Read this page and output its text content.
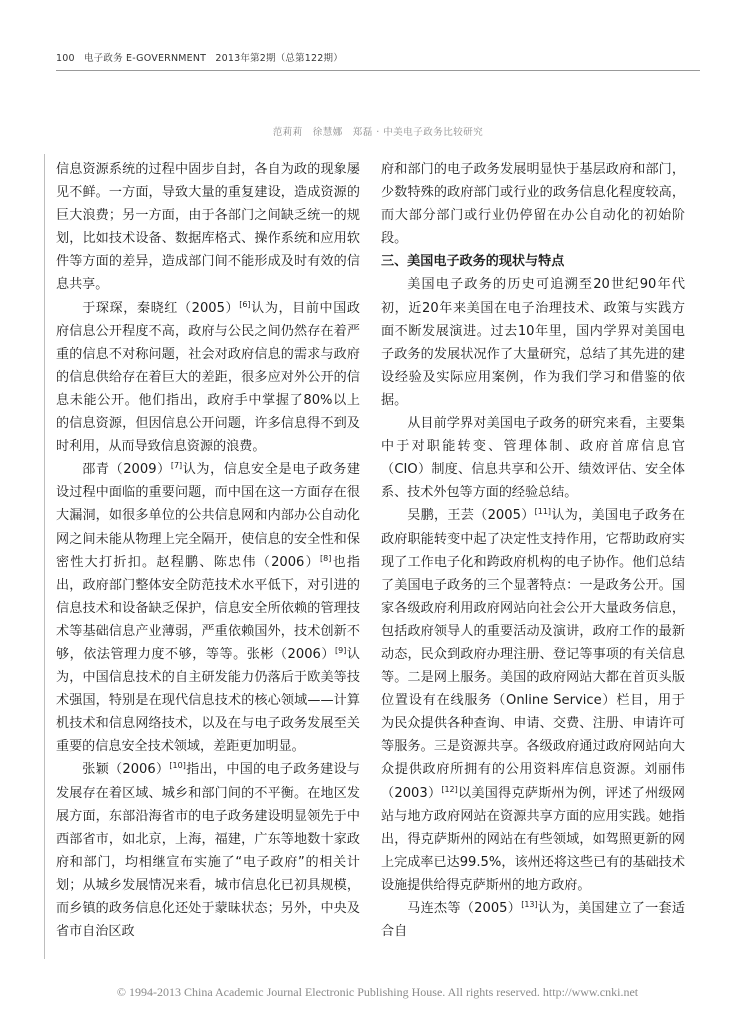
100 电子政务 E-GOVERNMENT 2013年第2期（总第122期）
范莉莉　徐慧娜　郑磊 · 中美电子政务比较研究

信息资源系统的过程中固步自封，各自为政的现象屡见不鲜。一方面，导致大量的重复建设，造成资源的巨大浪费；另一方面，由于各部门之间缺乏统一的规划，比如技术设备、数据库格式、操作系统和应用软件等方面的差异，造成部门间不能形成及时有效的信息共享。

于琛琛，秦晓红（2005）[6]认为，目前中国政府信息公开程度不高，政府与公民之间仍然存在着严重的信息不对称问题，社会对政府信息的需求与政府的信息供给存在着巨大的差距，很多应对外公开的信息未能公开。他们指出，政府手中掌握了80%以上的信息资源，但因信息公开问题，许多信息得不到及时利用，从而导致信息资源的浪费。

邵青（2009）[7]认为，信息安全是电子政务建设过程中面临的重要问题，而中国在这一方面存在很大漏洞，如很多单位的公共信息网和内部办公自动化网之间未能从物理上完全隔开，使信息的安全性和保密性大打折扣。赵程鹏、陈忠伟（2006）[8]也指出，政府部门整体安全防范技术水平低下，对引进的信息技术和设备缺乏保护，信息安全所依赖的管理技术等基础信息产业薄弱，严重依赖国外，技术创新不够，依法管理力度不够，等等。张彬（2006）[9]认为，中国信息技术的自主研发能力仍落后于欧美等技术强国，特别是在现代信息技术的核心领域——计算机技术和信息网络技术，以及在与电子政务发展至关重要的信息安全技术领域，差距更加明显。

张颖（2006）[10]指出，中国的电子政务建设与发展存在着区域、城乡和部门间的不平衡。在地区发展方面，东部沿海省市的电子政务建设明显领先于中西部省市，如北京，上海，福建，广东等地数十家政府和部门，均相继宣布实施了“电子政府”的相关计划；从城乡发展情况来看，城市信息化已初具规模，而乡镇的政务信息化还处于蒙昧状态；另外，中央及省市自治区政

府和部门的电子政务发展明显快于基层政府和部门，少数特殊的政府部门或行业的政务信息化程度较高，而大部分部门或行业仍停留在办公自动化的初始阶段。

三、美国电子政务的现状与特点

美国电子政务的历史可追溯至20世纪90年代初，近20年来美国在电子治理技术、政策与实践方面不断发展演进。过去10年里，国内学界对美国电子政务的发展状况作了大量研究，总结了其先进的建设经验及实际应用案例，作为我们学习和借鉴的依据。

从目前学界对美国电子政务的研究来看，主要集中于对职能转变、管理体制、政府首席信息官（CIO）制度、信息共享和公开、绩效评估、安全体系、技术外包等方面的经验总结。

吴鹏，王芸（2005）[11]认为，美国电子政务在政府职能转变中起了决定性支持作用，它帮助政府实现了工作电子化和跨政府机构的电子协作。他们总结了美国电子政务的三个显著特点：一是政务公开。国家各级政府利用政府网站向社会公开大量政务信息，包括政府领导人的重要活动及演讲，政府工作的最新动态，民众到政府办理注册、登记等事项的有关信息等。二是网上服务。美国的政府网站大都在首页头版位置设有在线服务（Online Service）栏目，用于为民众提供各种查询、申请、交费、注册、申请许可等服务。三是资源共享。各级政府通过政府网站向大众提供政府所拥有的公用资料库信息资源。刘丽伟（2003）[12]以美国得克萨斯州为例，评述了州级网站与地方政府网站在资源共享方面的应用实践。她指出，得克萨斯州的网站在有些领域，如驾照更新的网上完成率已达99.5%，该州还将这些已有的基础技术设施提供给得克萨斯州的地方政府。

马连杰等（2005）[13]认为，美国建立了一套适合自

© 1994-2013 China Academic Journal Electronic Publishing House. All rights reserved. http://www.cnki.net
